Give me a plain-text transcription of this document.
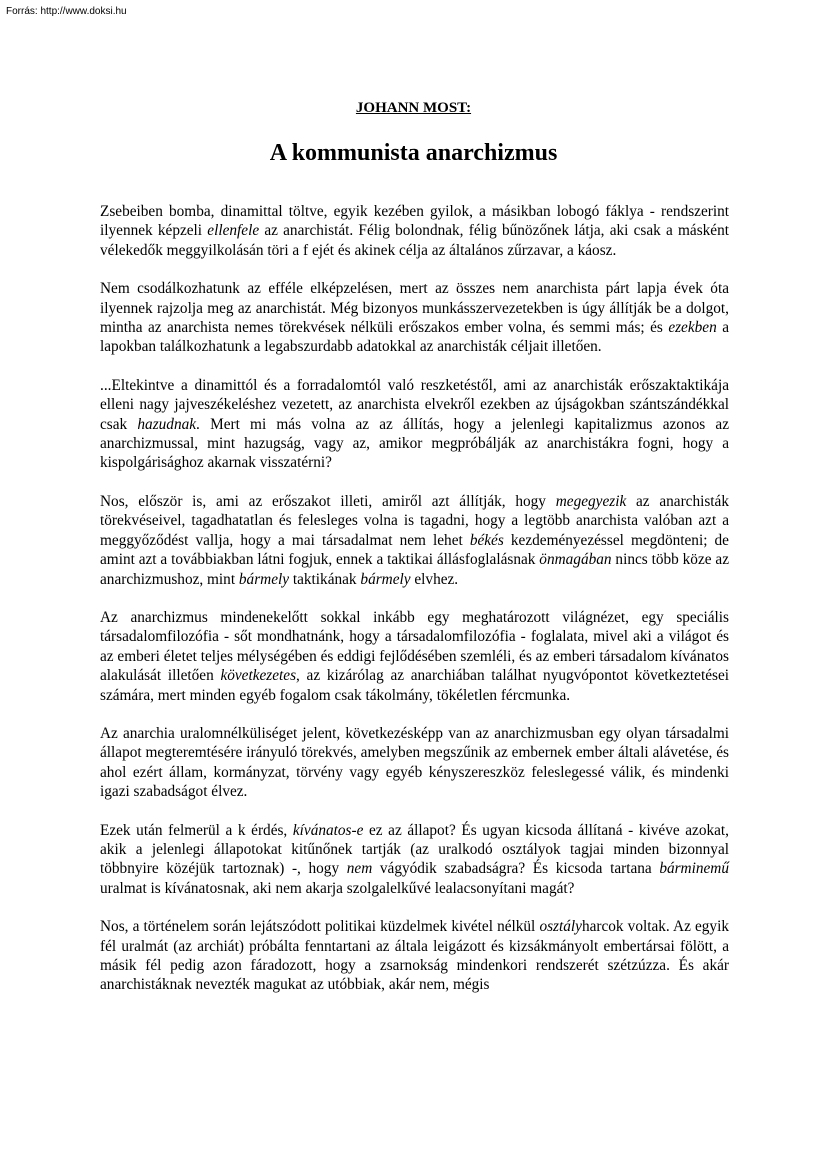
Forrás: http://www.doksi.hu
JOHANN MOST:
A kommunista anarchizmus

Zsebeiben bomba, dinamittal töltve, egyik kezében gyilok, a másikban lobogó fáklya - rendszerint ilyennek képzeli ellenfele az anarchistát. Félig bolondnak, félig bűnözőnek látja, aki csak a másként vélekedők meggyilkolásán töri a f ejét és akinek célja az általános zűrzavar, a káosz.

Nem csodálkozhatunk az efféle elképzelésen, mert az összes nem anarchista párt lapja évek óta ilyennek rajzolja meg az anarchistát. Még bizonyos munkásszervezetekben is úgy állítják be a dolgot, mintha az anarchista nemes törekvések nélküli erőszakos ember volna, és semmi más; és ezekben a lapokban találkozhatunk a legabszurdabb adatokkal az anarchisták céljait illetően.

...Eltekintve a dinamittól és a forradalomtól való reszketéstől, ami az anarchisták erőszaktaktikája elleni nagy jajveszékeléshez vezetett, az anarchista elvekről ezekben az újságokban szántszándékkal csak hazudnak. Mert mi más volna az az állítás, hogy a jelenlegi kapitalizmus azonos az anarchizmussal, mint hazugság, vagy az, amikor megpróbálják az anarchistákra fogni, hogy a kispolgárisághoz akarnak visszatérni?

Nos, először is, ami az erőszakot illeti, amiről azt állítják, hogy megegyezik az anarchisták törekvéseivel, tagadhatatlan és felesleges volna is tagadni, hogy a legtöbb anarchista valóban azt a meggyőződést vallja, hogy a mai társadalmat nem lehet békés kezdeményezéssel megdönteni; de amint azt a továbbiakban látni fogjuk, ennek a taktikai állásfoglalásnak önmagában nincs több köze az anarchizmushoz, mint bármely taktikának bármely elvhez.

Az anarchizmus mindenekelőtt sokkal inkább egy meghatározott világnézet, egy speciális társadalomfilozófia - sőt mondhatnánk, hogy a társadalomfilozófia - foglalata, mivel aki a világot és az emberi életet teljes mélységében és eddigi fejlődésében szemléli, és az emberi társadalom kívánatos alakulását illetően következetes, az kizárólag az anarchiában találhat nyugvópontot következtetései számára, mert minden egyéb fogalom csak tákolmány, tökéletlen fércmunka.

Az anarchia uralomnélküliséget jelent, következésképp van az anarchizmusban egy olyan társadalmi állapot megteremtésére irányuló törekvés, amelyben megszűnik az embernek ember általi alávetése, és ahol ezért állam, kormányzat, törvény vagy egyéb kényszereszköz feleslegessé válik, és mindenki igazi szabadságot élvez.

Ezek után felmerül a k érdés, kívánatos-e ez az állapot? És ugyan kicsoda állítaná - kivéve azokat, akik a jelenlegi állapotokat kitűnőnek tartják (az uralkodó osztályok tagjai minden bizonnyal többnyire közéjük tartoznak) -, hogy nem vágyódik szabadságra? És kicsoda tartana bárminemű uralmat is kívánatosnak, aki nem akarja szolgalelkűvé lealacsonyítani magát?

Nos, a történelem során lejátszódott politikai küzdelmek kivétel nélkül osztályharcok voltak. Az egyik fél uralmát (az archiát) próbálta fenntartani az általa leigázott és kizsákmányolt embertársai fölött, a másik fél pedig azon fáradozott, hogy a zsarnokság mindenkori rendszerét szétzúzza. És akár anarchistáknak nevezték magukat az utóbbiak, akár nem, mégis
